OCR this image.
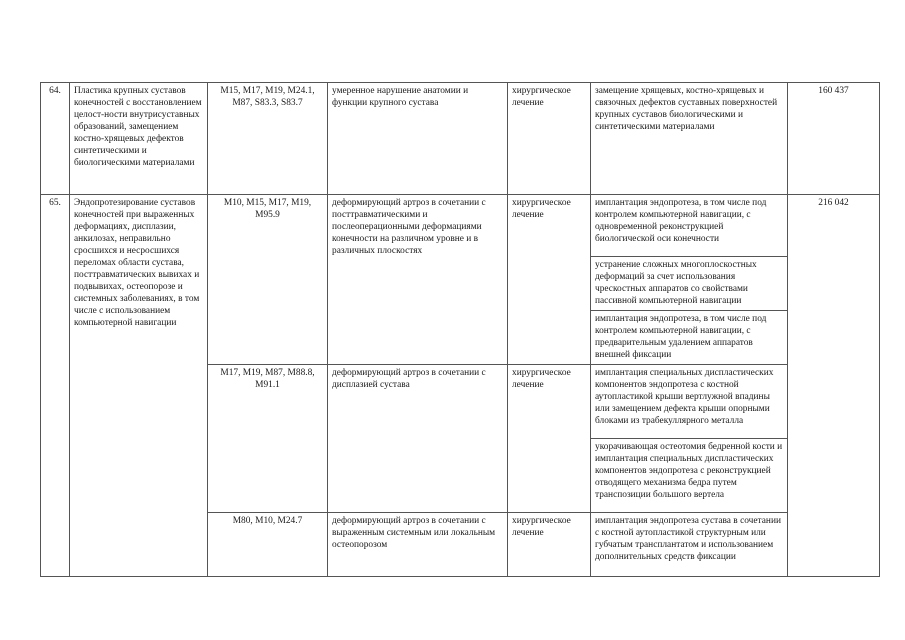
64.	Пластика крупных суставов конечностей с восстановлением целост-ности внутрисуставных образований, замещением костно-хрящевых дефектов синтетическими и биологическими материалами	M15, M17, M19, M24.1, M87, S83.3, S83.7	умеренное нарушение анатомии и функции крупного сустава	хирургическое лечение	замещение хрящевых, костно-хрящевых и связочных дефектов суставных поверхностей крупных суставов биологическими и синтетическими материалами	160 437
65.	Эндопротезирование суставов конечностей при выраженных деформациях, дисплазии, анкилозах, неправильно сросшихся и несросшихся переломах области сустава, посттравматических вывихах и подвывихах, остеопорозе и системных заболеваниях, в том числе с использованием компьютерной навигации	M10, M15, M17, M19, M95.9	деформирующий артроз в сочетании с посттравматическими и послеоперационными деформациями конечности на различном уровне и в различных плоскостях	хирургическое лечение	имплантация эндопротеза, в том числе под контролем компьютерной навигации, с одновременной реконструкцией биологической оси конечности	216 042
					устранение сложных многоплоскостных деформаций за счет использования чрескостных аппаратов со свойствами пассивной компьютерной навигации	
					имплантация эндопротеза, в том числе под контролем компьютерной навигации, с предварительным удалением аппаратов внешней фиксации	
		M17, M19, M87, M88.8, M91.1	деформирующий артроз в сочетании с дисплазией сустава	хирургическое лечение	имплантация специальных диспластических компонентов эндопротеза с костной аутопластикой крыши вертлужной впадины или замещением дефекта крыши опорными блоками из трабекуллярного металла	
					укорачивающая остеотомия бедренной кости и имплантация специальных диспластических компонентов эндопротеза с реконструкцией отводящего механизма бедра путем транспозиции большого вертела	
		M80, M10, M24.7	деформирующий артроз в сочетании с выраженным системным или локальным остеопорозом	хирургическое лечение	имплантация эндопротеза сустава в сочетании с костной аутопластикой структурным или губчатым трансплантатом и использованием дополнительных средств фиксации	
